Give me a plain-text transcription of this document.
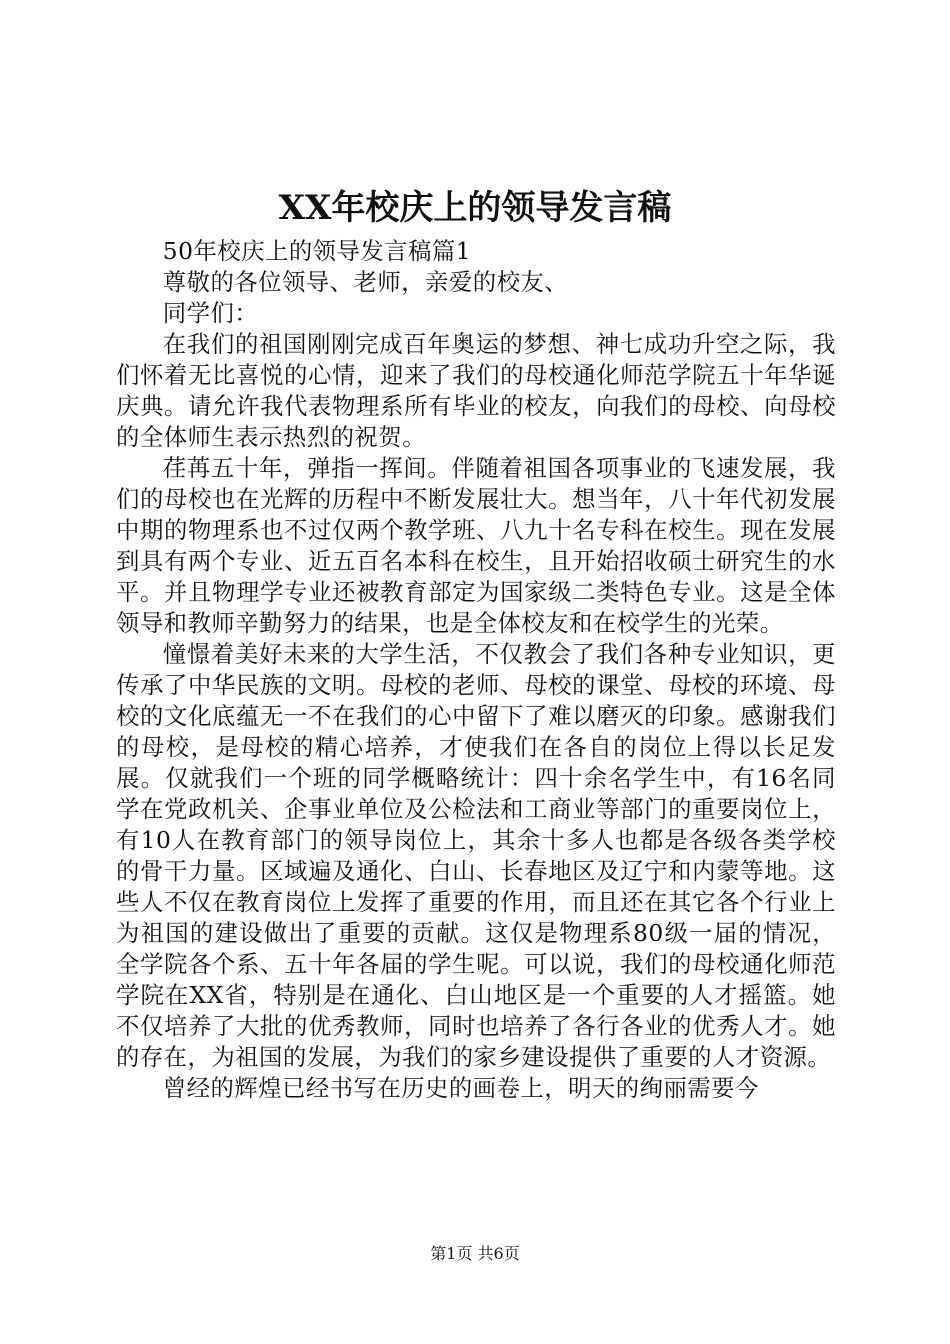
XX年校庆上的领导发言稿

50年校庆上的领导发言稿篇1

尊敬的各位领导、老师，亲爱的校友、

同学们：

在我们的祖国刚刚完成百年奥运的梦想、神七成功升空之际，我们怀着无比喜悦的心情，迎来了我们的母校通化师范学院五十年华诞庆典。请允许我代表物理系所有毕业的校友，向我们的母校、向母校的全体师生表示热烈的祝贺。

荏苒五十年，弹指一挥间。伴随着祖国各项事业的飞速发展，我们的母校也在光辉的历程中不断发展壮大。想当年，八十年代初发展中期的物理系也不过仅两个教学班、八九十名专科在校生。现在发展到具有两个专业、近五百名本科在校生，且开始招收硕士研究生的水平。并且物理学专业还被教育部定为国家级二类特色专业。这是全体领导和教师辛勤努力的结果，也是全体校友和在校学生的光荣。

憧憬着美好未来的大学生活，不仅教会了我们各种专业知识，更传承了中华民族的文明。母校的老师、母校的课堂、母校的环境、母校的文化底蕴无一不在我们的心中留下了难以磨灭的印象。感谢我们的母校，是母校的精心培养，才使我们在各自的岗位上得以长足发展。仅就我们一个班的同学概略统计：四十余名学生中，有16名同学在党政机关、企事业单位及公检法和工商业等部门的重要岗位上，有10人在教育部门的领导岗位上，其余十多人也都是各级各类学校的骨干力量。区域遍及通化、白山、长春地区及辽宁和内蒙等地。这些人不仅在教育岗位上发挥了重要的作用，而且还在其它各个行业上为祖国的建设做出了重要的贡献。这仅是物理系80级一届的情况，全学院各个系、五十年各届的学生呢。可以说，我们的母校通化师范学院在XX省，特别是在通化、白山地区是一个重要的人才摇篮。她不仅培养了大批的优秀教师，同时也培养了各行各业的优秀人才。她的存在，为祖国的发展，为我们的家乡建设提供了重要的人才资源。

曾经的辉煌已经书写在历史的画卷上，明天的绚丽需要今

第1页 共6页
